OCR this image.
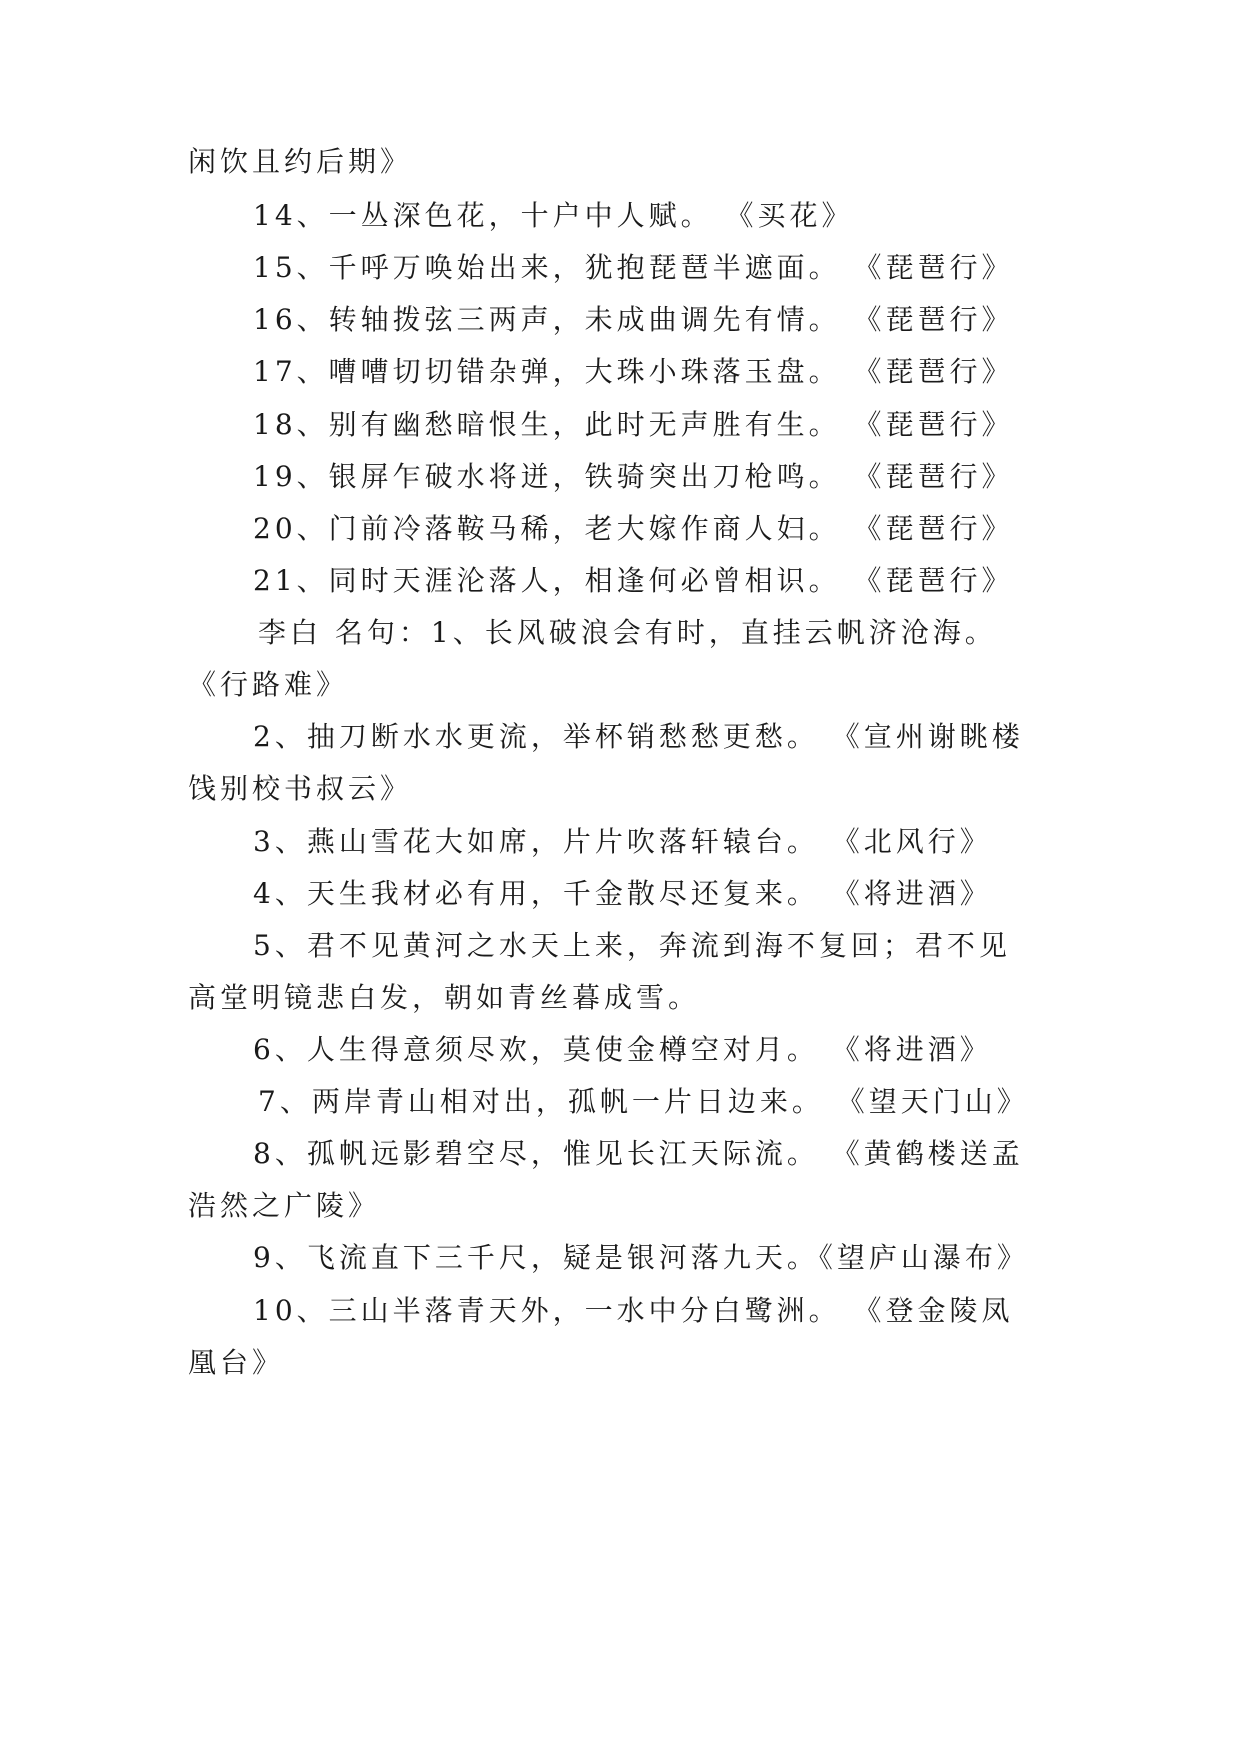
闲饮且约后期》
14、一丛深色花，十户中人赋。 《买花》
15、千呼万唤始出来，犹抱琵琶半遮面。 《琵琶行》
16、转轴拨弦三两声，未成曲调先有情。 《琵琶行》
17、嘈嘈切切错杂弹，大珠小珠落玉盘。 《琵琶行》
18、别有幽愁暗恨生，此时无声胜有生。 《琵琶行》
19、银屏乍破水将迸，铁骑突出刀枪鸣。 《琵琶行》
20、门前冷落鞍马稀，老大嫁作商人妇。 《琵琶行》
21、同时天涯沦落人，相逢何必曾相识。 《琵琶行》
李白 名句：1、长风破浪会有时，直挂云帆济沧海。
《行路难》
2、抽刀断水水更流，举杯销愁愁更愁。 《宣州谢眺楼
饯别校书叔云》
3、燕山雪花大如席，片片吹落轩辕台。 《北风行》
4、天生我材必有用，千金散尽还复来。 《将进酒》
5、君不见黄河之水天上来，奔流到海不复回；君不见
高堂明镜悲白发，朝如青丝暮成雪。
6、人生得意须尽欢，莫使金樽空对月。 《将进酒》
7、两岸青山相对出，孤帆一片日边来。 《望天门山》
8、孤帆远影碧空尽，惟见长江天际流。 《黄鹤楼送孟
浩然之广陵》
9、飞流直下三千尺，疑是银河落九天。《望庐山瀑布》
10、三山半落青天外，一水中分白鹭洲。 《登金陵凤
凰台》
